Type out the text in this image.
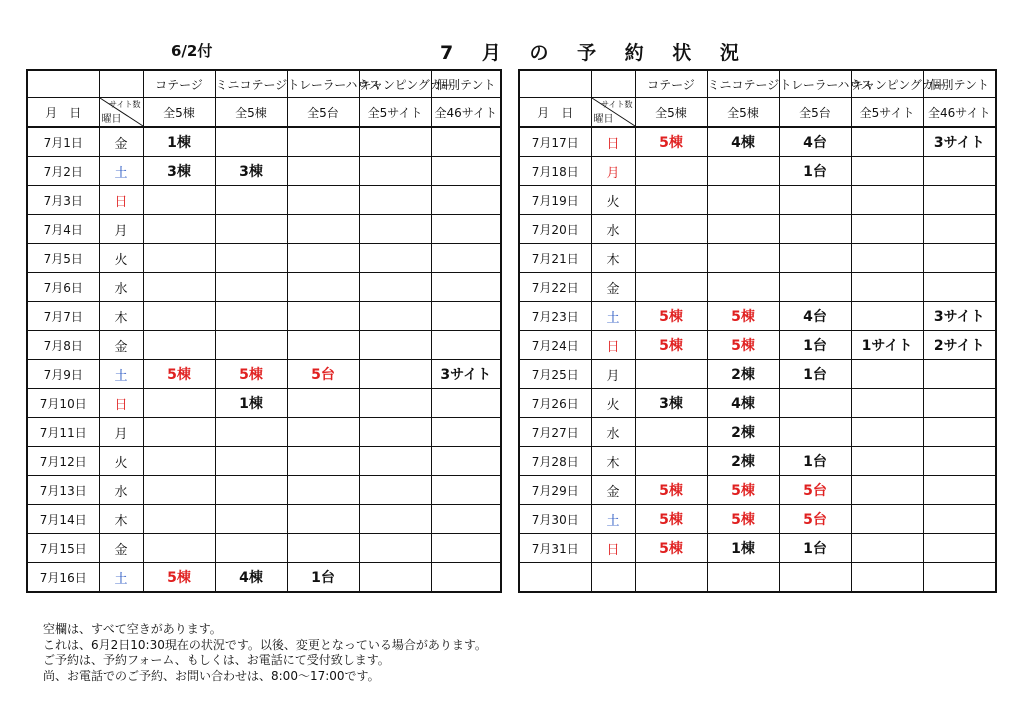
6/2付	7 月 の 予 約 状 況
		コテージ	ミニコテージ	トレーラーハウス	キャンピングカー	個別テント
月　日	サイト数
曜日	全5棟	全5棟	全5台	全5サイト	全46サイト
7月1日	金	1棟				
7月2日	土	3棟	3棟			
7月3日	日					
7月4日	月					
7月5日	火					
7月6日	水					
7月7日	木					
7月8日	金					
7月9日	土	5棟	5棟	5台		3サイト
7月10日	日		1棟			
7月11日	月					
7月12日	火					
7月13日	水					
7月14日	木					
7月15日	金					
7月16日	土	5棟	4棟	1台		
		コテージ	ミニコテージ	トレーラーハウス	キャンピングカー	個別テント
月　日	サイト数
曜日	全5棟	全5棟	全5台	全5サイト	全46サイト
7月17日	日	5棟	4棟	4台		3サイト
7月18日	月			1台		
7月19日	火					
7月20日	水					
7月21日	木					
7月22日	金					
7月23日	土	5棟	5棟	4台		3サイト
7月24日	日	5棟	5棟	1台	1サイト	2サイト
7月25日	月		2棟	1台		
7月26日	火	3棟	4棟			
7月27日	水		2棟			
7月28日	木		2棟	1台		
7月29日	金	5棟	5棟	5台		
7月30日	土	5棟	5棟	5台		
7月31日	日	5棟	1棟	1台		

空欄は、すべて空きがあります。
これは、6月2日10:30現在の状況です。以後、変更となっている場合があります。
ご予約は、予約フォーム、もしくは、お電話にて受付致します。
尚、お電話でのご予約、お問い合わせは、8:00～17:00です。
